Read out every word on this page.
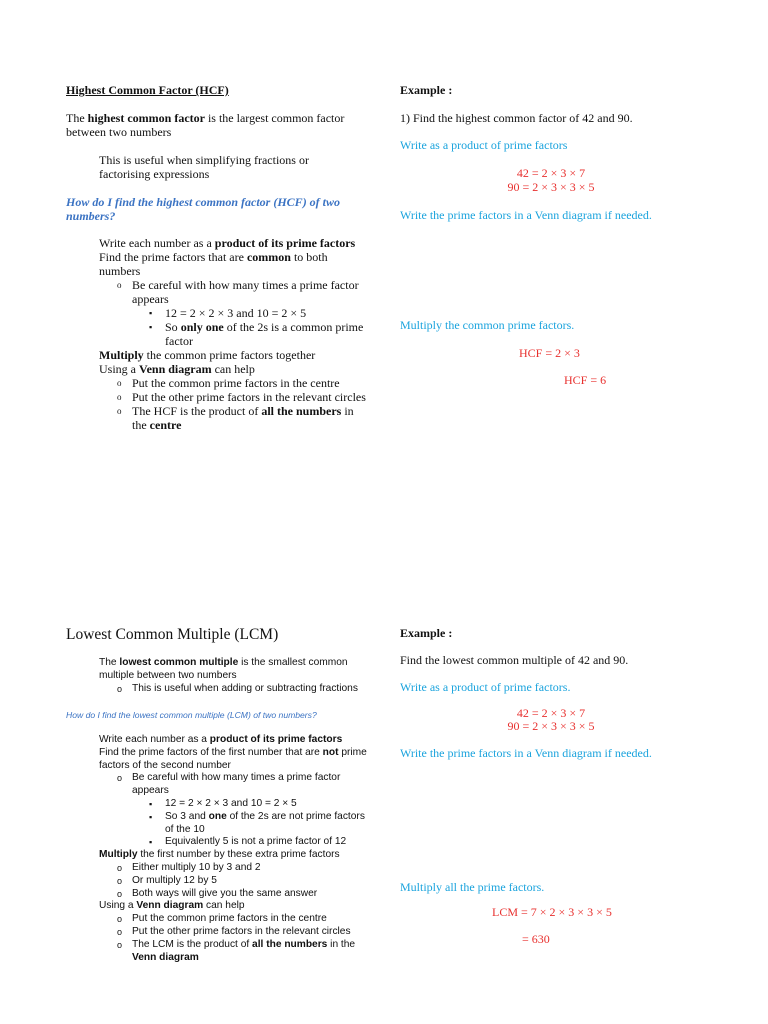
Highest Common Factor (HCF)
The highest common factor is the largest common factor between two numbers
This is useful when simplifying fractions or factorising expressions
How do I find the highest common factor (HCF) of two numbers?
Write each number as a product of its prime factors
Find the prime factors that are common to both numbers
o Be careful with how many times a prime factor appears
▪ 12 = 2 × 2 × 3 and 10 = 2 × 5
▪ So only one of the 2s is a common prime factor
Multiply the common prime factors together
Using a Venn diagram can help
o Put the common prime factors in the centre
o Put the other prime factors in the relevant circles
o The HCF is the product of all the numbers in the centre
Example :
1) Find the highest common factor of 42 and 90.
Write as a product of prime factors
42 = 2 × 3 × 7
90 = 2 × 3 × 3 × 5
Write the prime factors in a Venn diagram if needed.
Multiply the common prime factors.
HCF = 2 × 3
HCF = 6
Lowest Common Multiple (LCM)
The lowest common multiple is the smallest common multiple between two numbers
o This is useful when adding or subtracting fractions
How do I find the lowest common multiple (LCM) of two numbers?
Write each number as a product of its prime factors
Find the prime factors of the first number that are not prime factors of the second number
o Be careful with how many times a prime factor appears
▪ 12 = 2 × 2 × 3 and 10 = 2 × 5
▪ So 3 and one of the 2s are not prime factors of the 10
▪ Equivalently 5 is not a prime factor of 12
Multiply the first number by these extra prime factors
o Either multiply 10 by 3 and 2
o Or multiply 12 by 5
o Both ways will give you the same answer
Using a Venn diagram can help
o Put the common prime factors in the centre
o Put the other prime factors in the relevant circles
o The LCM is the product of all the numbers in the Venn diagram
Example :
Find the lowest common multiple of 42 and 90.
Write as a product of prime factors.
42 = 2 × 3 × 7
90 = 2 × 3 × 3 × 5
Write the prime factors in a Venn diagram if needed.
Multiply all the prime factors.
LCM = 7 × 2 × 3 × 3 × 5
= 630
